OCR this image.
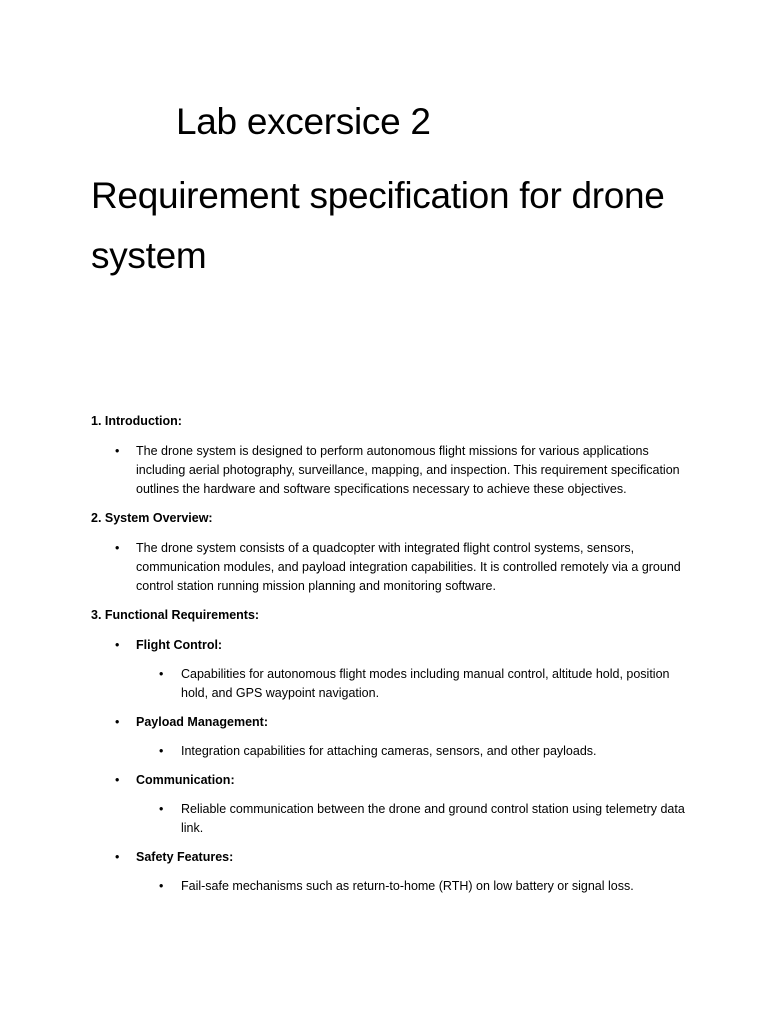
Lab excersice 2
Requirement specification for drone system
1. Introduction:
• The drone system is designed to perform autonomous flight missions for various applications including aerial photography, surveillance, mapping, and inspection. This requirement specification outlines the hardware and software specifications necessary to achieve these objectives.
2. System Overview:
• The drone system consists of a quadcopter with integrated flight control systems, sensors, communication modules, and payload integration capabilities. It is controlled remotely via a ground control station running mission planning and monitoring software.
3. Functional Requirements:
• Flight Control:
• Capabilities for autonomous flight modes including manual control, altitude hold, position hold, and GPS waypoint navigation.
• Payload Management:
• Integration capabilities for attaching cameras, sensors, and other payloads.
• Communication:
• Reliable communication between the drone and ground control station using telemetry data link.
• Safety Features:
• Fail-safe mechanisms such as return-to-home (RTH) on low battery or signal loss.
